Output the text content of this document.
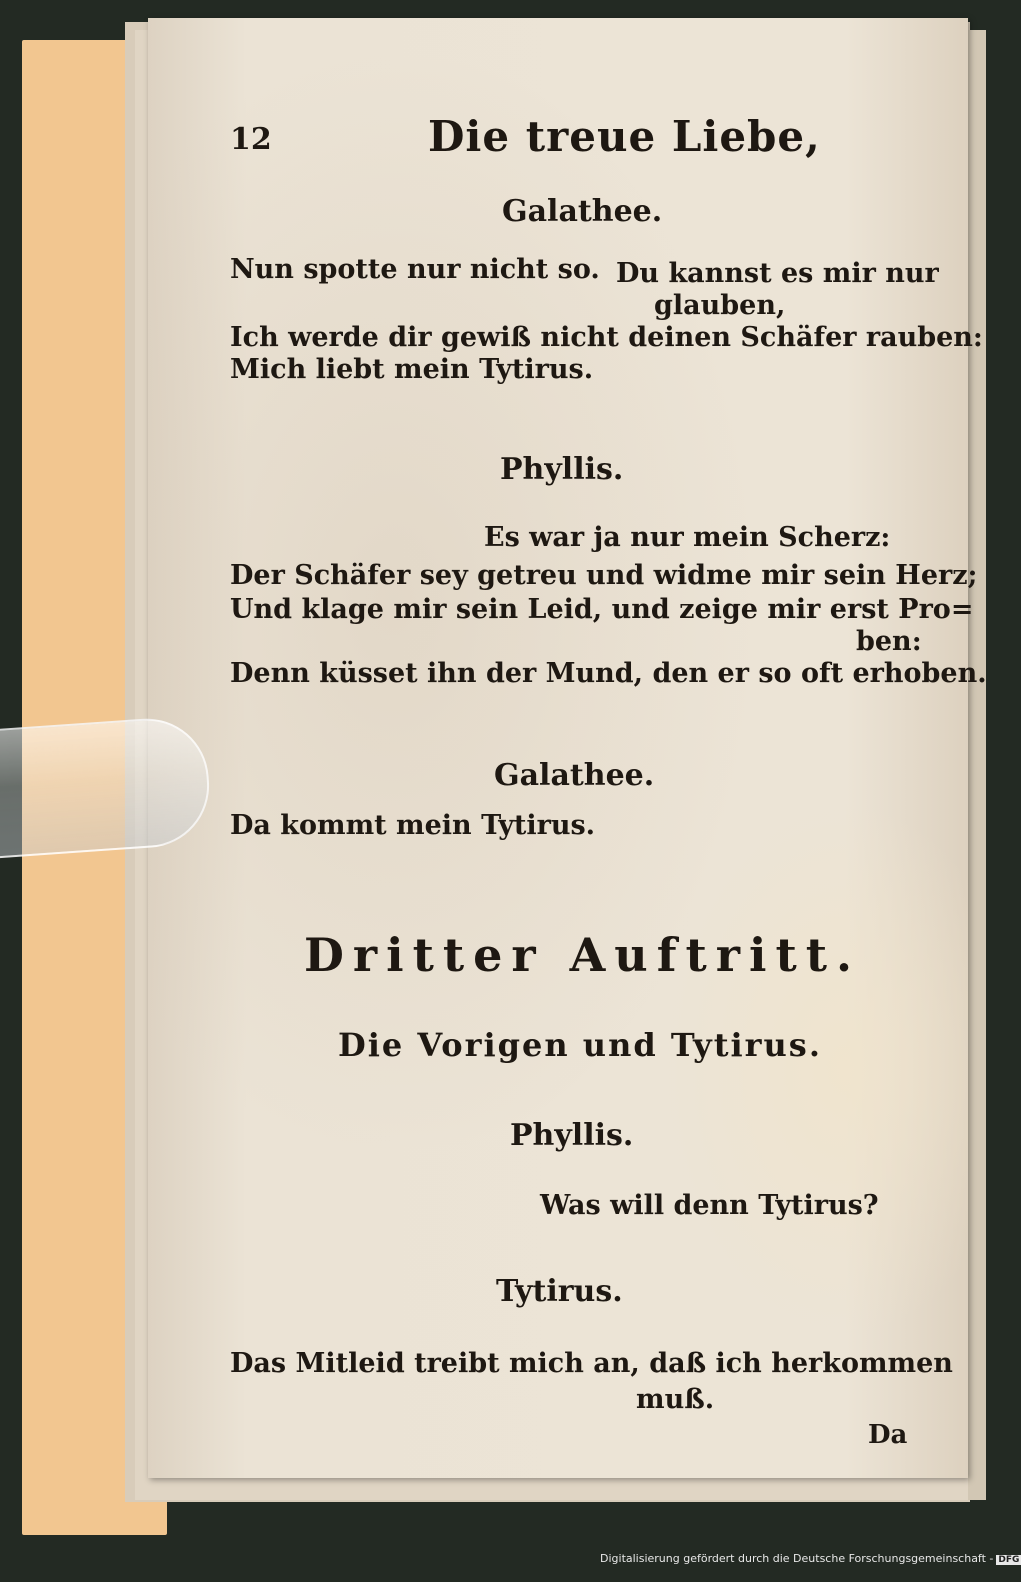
12	Die treue Liebe,
Galathee.
Nun spotte nur nicht so. Du kannst es mir nur
glauben,
Ich werde dir gewiß nicht deinen Schäfer rauben:
Mich liebt mein Tytirus.
Phyllis.
Es war ja nur mein Scherz:
Der Schäfer sey getreu und widme mir sein Herz;
Und klage mir sein Leid, und zeige mir erst Pro=
ben:
Denn küsset ihn der Mund, den er so oft erhoben.
Galathee.
Da kommt mein Tytirus.
Dritter Auftritt.
Die Vorigen und Tytirus.
Phyllis.
Was will denn Tytirus?
Tytirus.
Das Mitleid treibt mich an, daß ich herkommen
muß.
Da
Digitalisierung gefördert durch die Deutsche Forschungsgemeinschaft - DFG
